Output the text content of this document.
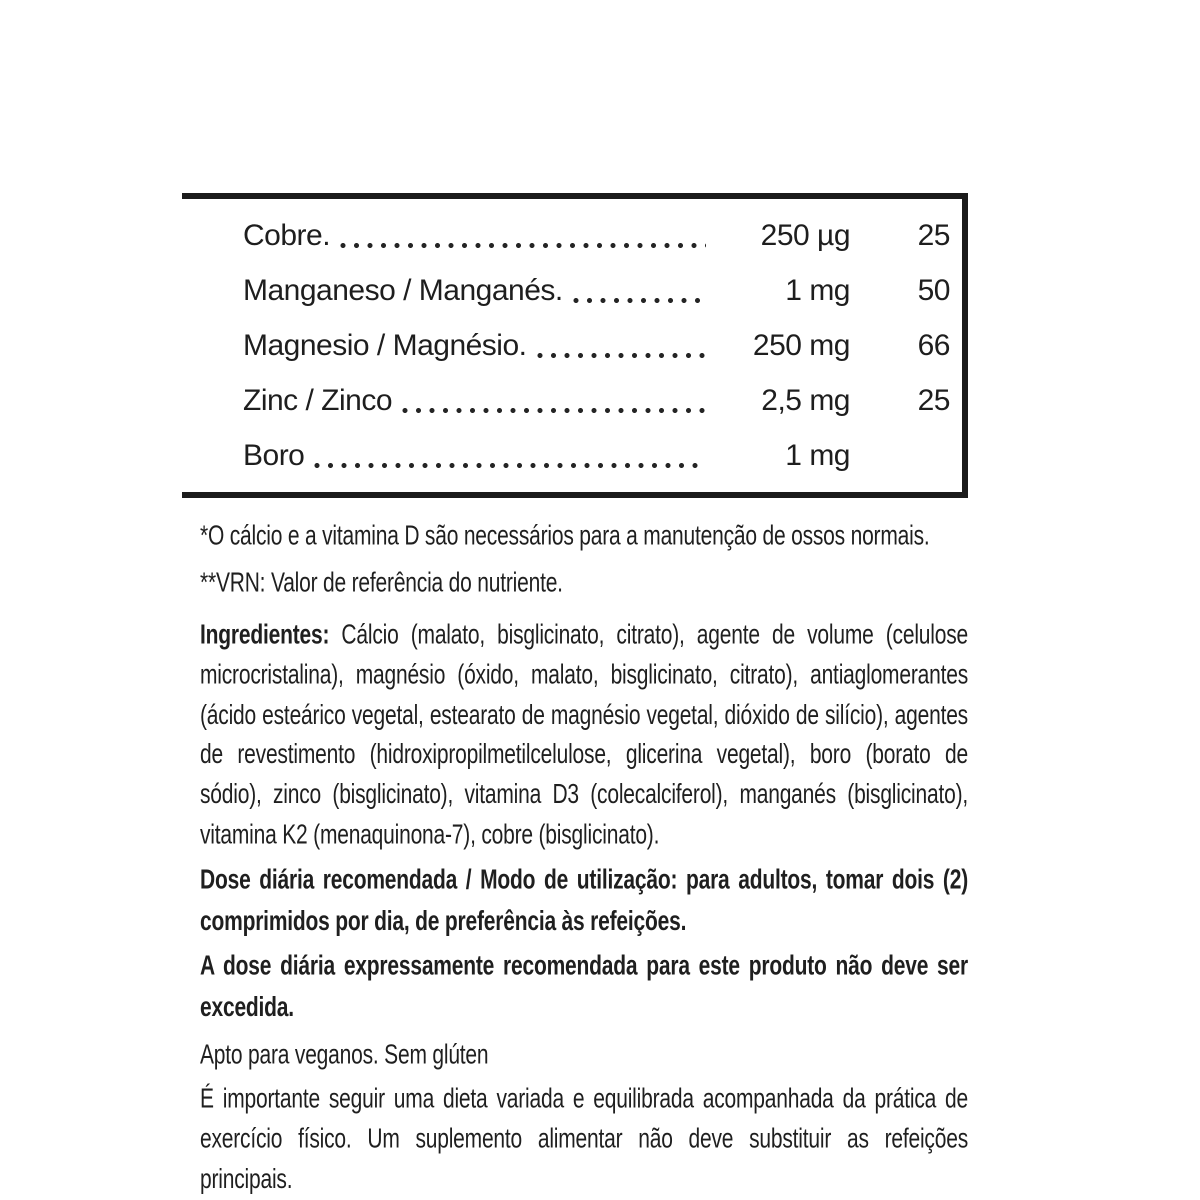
Cobre.	250 µg	25
Manganeso / Manganés.	1 mg	50
Magnesio / Magnésio.	250 mg	66
Zinc / Zinco	2,5 mg	25
Boro	1 mg
*O cálcio e a vitamina D são necessários para a manutenção de ossos normais.
**VRN: Valor de referência do nutriente.
Ingredientes: Cálcio (malato, bisglicinato, citrato), agente de volume (celulose microcristalina), magnésio (óxido, malato, bisglicinato, citrato), antiaglomerantes (ácido esteárico vegetal, estearato de magnésio vegetal, dióxido de silício), agentes de revestimento (hidroxipropilmetilcelulose, glicerina vegetal), boro (borato de sódio), zinco (bisglicinato), vitamina D3 (colecalciferol), manganés (bisglicinato), vitamina K2 (menaquinona-7), cobre (bisglicinato).
Dose diária recomendada / Modo de utilização: para adultos, tomar dois (2) comprimidos por dia, de preferência às refeições.
A dose diária expressamente recomendada para este produto não deve ser excedida.
Apto para veganos. Sem glúten
É importante seguir uma dieta variada e equilibrada acompanhada da prática de exercício físico. Um suplemento alimentar não deve substituir as refeições principais.
